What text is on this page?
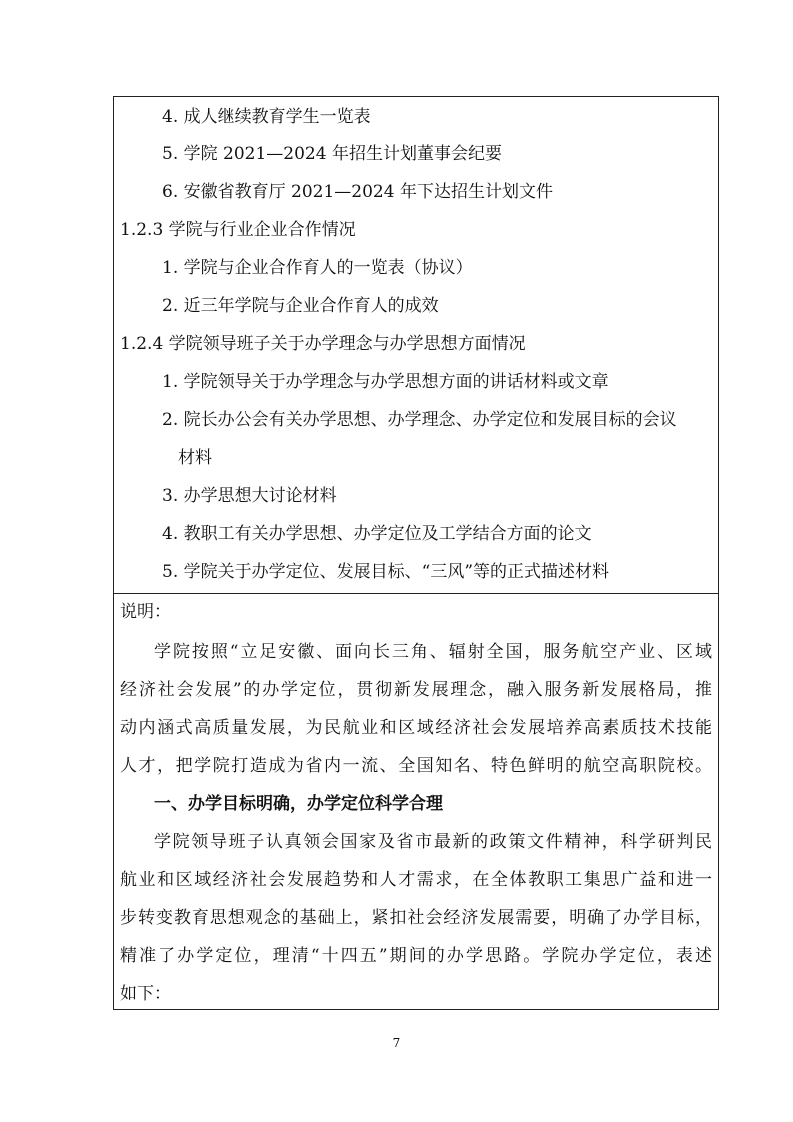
4. 成人继续教育学生一览表
5. 学院 2021—2024 年招生计划董事会纪要
6. 安徽省教育厅 2021—2024 年下达招生计划文件
1.2.3 学院与行业企业合作情况
1. 学院与企业合作育人的一览表（协议）
2. 近三年学院与企业合作育人的成效
1.2.4 学院领导班子关于办学理念与办学思想方面情况
1. 学院领导关于办学理念与办学思想方面的讲话材料或文章
2. 院长办公会有关办学思想、办学理念、办学定位和发展目标的会议
材料
3. 办学思想大讨论材料
4. 教职工有关办学思想、办学定位及工学结合方面的论文
5. 学院关于办学定位、发展目标、“三风”等的正式描述材料
说明：
学院按照“立足安徽、面向长三角、辐射全国，服务航空产业、区域
经济社会发展”的办学定位，贯彻新发展理念，融入服务新发展格局，推
动内涵式高质量发展，为民航业和区域经济社会发展培养高素质技术技能
人才，把学院打造成为省内一流、全国知名、特色鲜明的航空高职院校。
一、办学目标明确，办学定位科学合理
学院领导班子认真领会国家及省市最新的政策文件精神，科学研判民
航业和区域经济社会发展趋势和人才需求，在全体教职工集思广益和进一
步转变教育思想观念的基础上，紧扣社会经济发展需要，明确了办学目标，
精准了办学定位，理清“十四五”期间的办学思路。学院办学定位，表述
如下：
7
